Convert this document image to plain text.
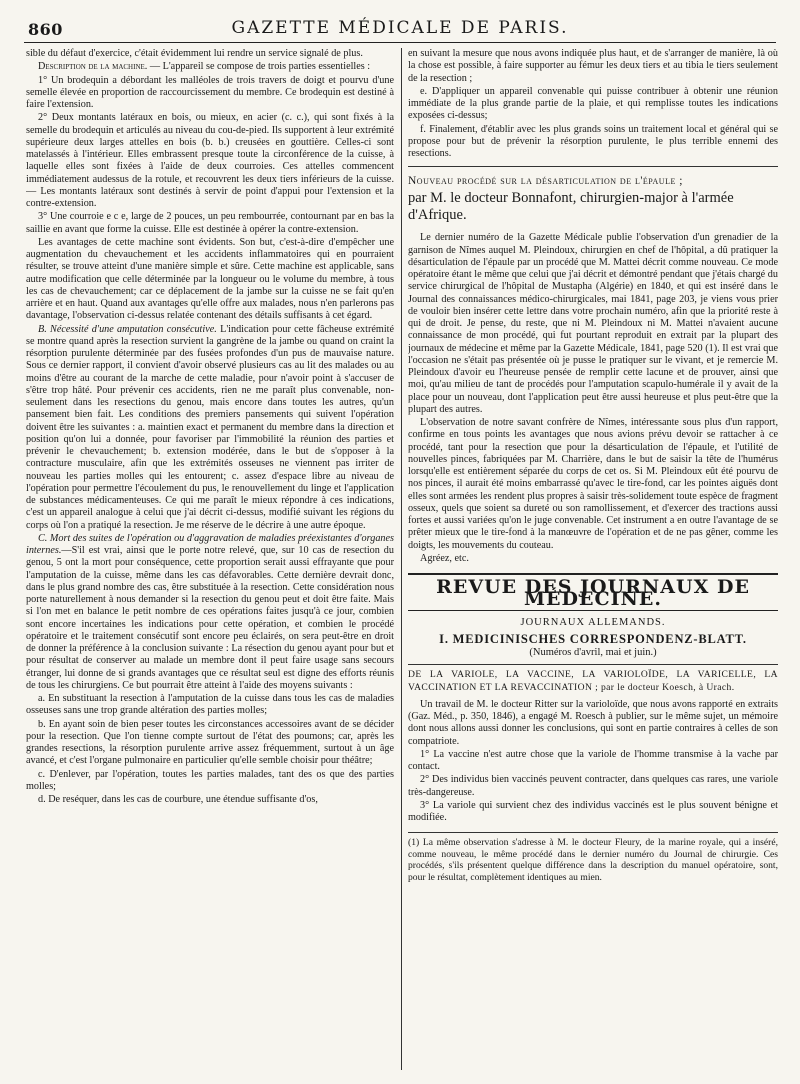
860	GAZETTE MÉDICALE DE PARIS.

sible du défaut d'exercice, c'était évidemment lui rendre un service signalé de plus.

Description de la machine. — L'appareil se compose de trois parties essentielles :

1° Un brodequin a débordant les malléoles de trois travers de doigt et pourvu d'une semelle élevée en proportion de raccourcissement du membre. Ce brodequin est destiné à faire l'extension.

2° Deux montants latéraux en bois, ou mieux, en acier (c. c.), qui sont fixés à la semelle du brodequin et articulés au niveau du cou-de-pied. Ils supportent à leur extrémité supérieure deux larges attelles en bois (b. b.) creusées en gouttière. Celles-ci sont matelassés à l'intérieur. Elles embrassent presque toute la circonférence de la cuisse, à laquelle elles sont fixées à l'aide de deux courroies. Ces attelles commencent immédiatement audessus de la rotule, et recouvrent les deux tiers inférieurs de la cuisse. — Les montants latéraux sont destinés à servir de point d'appui pour l'extension et la contre-extension.

3° Une courroie e c e, large de 2 pouces, un peu rembourrée, contournant par en bas la saillie en avant que forme la cuisse. Elle est destinée à opérer la contre-extension.

Les avantages de cette machine sont évidents. Son but, c'est-à-dire d'empêcher une augmentation du chevauchement et les accidents inflammatoires qui en pourraient résulter, se trouve atteint d'une manière simple et sûre. Cette machine est applicable, sans autre modification que celle déterminée par la longueur ou le volume du membre, à tous les cas de chevauchement; car ce déplacement de la jambe sur la cuisse ne se fait qu'en arrière et en haut. Quand aux avantages qu'elle offre aux malades, nous n'en parlerons pas davantage, l'observation ci-dessus relatée contenant des détails suffisants à cet égard.

B. Nécessité d'une amputation consécutive. L'indication pour cette fâcheuse extrémité se montre quand après la resection survient la gangrène de la jambe ou quand on craint la résorption purulente déterminée par des fusées profondes d'un pus de mauvaise nature. Sous ce dernier rapport, il convient d'avoir observé plusieurs cas au lit des malades ou au moins d'être au courant de la marche de cette maladie, pour n'avoir point à s'accuser de s'être trop hâté. Pour prévenir ces accidents, rien ne me paraît plus convenable, non-seulement dans les resections du genou, mais encore dans toutes les autres, qu'un pansement bien fait. Les conditions des premiers pansements qui suivent l'opération doivent être les suivantes : a. maintien exact et permanent du membre dans la direction et position qu'on lui a donnée, pour favoriser par l'immobilité la réunion des parties et prévenir le chevauchement; b. extension modérée, dans le but de s'opposer à la contracture musculaire, afin que les extrémités osseuses ne viennent pas irriter de nouveau les parties molles qui les entourent; c. assez d'espace libre au niveau de l'opération pour permettre l'écoulement du pus, le renouvellement du linge et l'application de substances médicamenteuses. Ce qui me paraît le mieux répondre à ces indications, c'est un appareil analogue à celui que j'ai décrit ci-dessus, modifié suivant les régions du corps où l'on a pratiqué la resection. Je me réserve de le décrire à une autre époque.

C. Mort des suites de l'opération ou d'aggravation de maladies préexistantes d'organes internes.—S'il est vrai, ainsi que le porte notre relevé, que, sur 10 cas de resection du genou, 5 ont la mort pour conséquence, cette proportion serait aussi effrayante que pour l'amputation de la cuisse, même dans les cas défavorables. Cette dernière devrait donc, dans le plus grand nombre des cas, être substituée à la resection. Cette considération nous porte naturellement à nous demander si la resection du genou peut et doit être faite. Mais si l'on met en balance le petit nombre de ces opérations faites jusqu'à ce jour, combien sont encore incertaines les indications pour cette opération, et combien le procédé opératoire et le traitement consécutif sont encore peu éclairés, on sera peut-être en droit de donner la préférence à la conclusion suivante : La résection du genou ayant pour but et pour résultat de conserver au malade un membre dont il peut faire usage sans secours étranger, lui donne de si grands avantages que ce résultat seul est digne des efforts réunis de tous les chirurgiens. Ce but pourrait être atteint à l'aide des moyens suivants :

a. En substituant la resection à l'amputation de la cuisse dans tous les cas de maladies osseuses sans une trop grande altération des parties molles;

b. En ayant soin de bien peser toutes les circonstances accessoires avant de se décider pour la resection. Que l'on tienne compte surtout de l'état des poumons; car, après les grandes resections, la résorption purulente arrive assez fréquemment, surtout à un âge avancé, et c'est l'organe pulmonaire en particulier qu'elle semble choisir pour théâtre;

c. D'enlever, par l'opération, toutes les parties malades, tant des os que des parties molles;

d. De reséquer, dans les cas de courbure, une étendue suffisante d'os,

en suivant la mesure que nous avons indiquée plus haut, et de s'arranger de manière, là où la chose est possible, à faire supporter au fémur les deux tiers et au tibia le tiers seulement de la resection ;

e. D'appliquer un appareil convenable qui puisse contribuer à obtenir une réunion immédiate de la plus grande partie de la plaie, et qui remplisse toutes les indications exposées ci-dessus;

f. Finalement, d'établir avec les plus grands soins un traitement local et général qui se propose pour but de prévenir la résorption purulente, le plus terrible ennemi des resections.

Nouveau procédé sur la désarticulation de l'épaule ;
par M. le docteur Bonnafont, chirurgien-major à l'armée d'Afrique.

Le dernier numéro de la Gazette Médicale publie l'observation d'un grenadier de la garnison de Nîmes auquel M. Pleindoux, chirurgien en chef de l'hôpital, a dû pratiquer la désarticulation de l'épaule par un procédé que M. Mattei décrit comme nouveau. Ce mode opératoire étant le même que celui que j'ai décrit et démontré pendant que j'étais chargé du service chirurgical de l'hôpital de Mustapha (Algérie) en 1840, et qui est inséré dans le Journal des connaissances médico-chirurgicales, mai 1841, page 203, je viens vous prier de vouloir bien insérer cette lettre dans votre prochain numéro, afin que la priorité reste à qui de droit. Je pense, du reste, que ni M. Pleindoux ni M. Mattei n'avaient aucune connaissance de mon procédé, qui fut pourtant reproduit en extrait par la plupart des journaux de médecine et même par la Gazette Médicale, 1841, page 520 (1). Il est vrai que l'occasion ne s'était pas présentée où je pusse le pratiquer sur le vivant, et je remercie M. Pleindoux d'avoir eu l'heureuse pensée de remplir cette lacune et de prouver, ainsi que moi, qu'au milieu de tant de procédés pour l'amputation scapulo-humérale il y avait de la place pour un nouveau, dont l'application peut être aussi heureuse et plus peut-être que la plupart des autres.

L'observation de notre savant confrère de Nîmes, intéressante sous plus d'un rapport, confirme en tous points les avantages que nous avions prévu devoir se rattacher à ce procédé, tant pour la resection que pour la désarticulation de l'épaule, et l'utilité de nouvelles pinces, fabriquées par M. Charrière, dans le but de saisir la tête de l'humérus lorsqu'elle est entièrement séparée du corps de cet os. Si M. Pleindoux eût été pourvu de nos pinces, il aurait été moins embarrassé qu'avec le tire-fond, car les pointes aiguës dont elles sont armées les rendent plus propres à saisir très-solidement toute espèce de fragment osseux, quels que soient sa dureté ou son ramollissement, et d'exercer des tractions aussi fortes et aussi variées qu'on le juge convenable. Cet instrument a en outre l'avantage de se prêter mieux que le tire-fond à la manœuvre de l'opération et de ne pas gêner, comme les doigts, les mouvements du couteau.

Agréez, etc.

REVUE DES JOURNAUX DE MÉDECINE.
JOURNAUX ALLEMANDS.
I. MEDICINISCHES CORRESPONDENZ-BLATT.
(Numéros d'avril, mai et juin.)
DE LA VARIOLE, LA VACCINE, LA VARIOLOÏDE, LA VARICELLE, LA VACCINATION ET LA REVACCINATION ; par le docteur Koesch, à Urach.

Un travail de M. le docteur Ritter sur la varioloïde, que nous avons rapporté en extraits (Gaz. Méd., p. 350, 1846), a engagé M. Roesch à publier, sur le même sujet, un mémoire dont nous allons aussi donner les conclusions, qui sont en partie contraires à celles de son compatriote.

1° La vaccine n'est autre chose que la variole de l'homme transmise à la vache par contact.

2° Des individus bien vaccinés peuvent contracter, dans quelques cas rares, une variole très-dangereuse.

3° La variole qui survient chez des individus vaccinés est le plus souvent bénigne et modifiée.

(1) La même observation s'adresse à M. le docteur Fleury, de la marine royale, qui a inséré, comme nouveau, le même procédé dans le dernier numéro du Journal de chirurgie. Ces procédés, s'ils présentent quelque différence dans la description du manuel opératoire, sont, pour le résultat, complètement identiques au mien.
